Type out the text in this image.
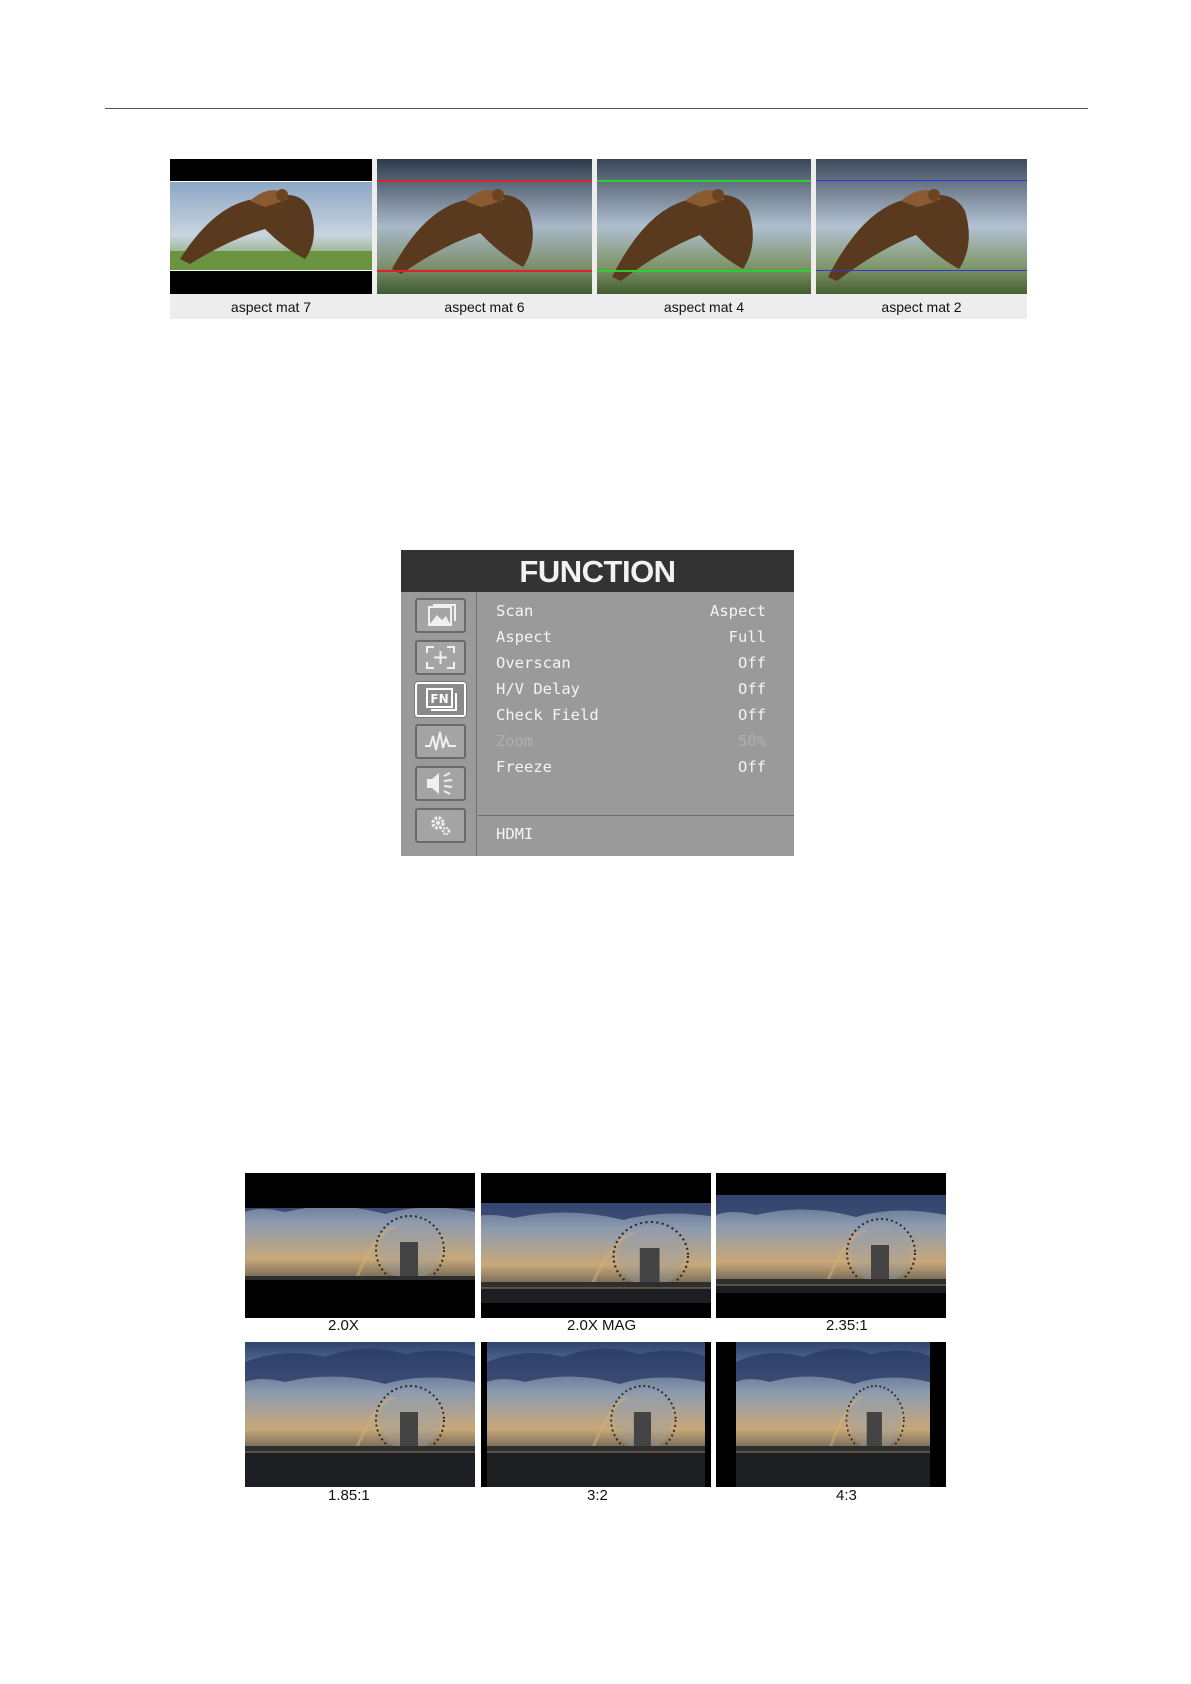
aspect mat 7	aspect mat 6	aspect mat 4	aspect mat 2
FUNCTION
FN
Scan	Aspect
Aspect	Full
Overscan	Off
H/V Delay	Off
Check Field	Off
Zoom	50%
Freeze	Off
HDMI
2.0X	2.0X MAG	2.35:1
1.85:1	3:2	4:3
